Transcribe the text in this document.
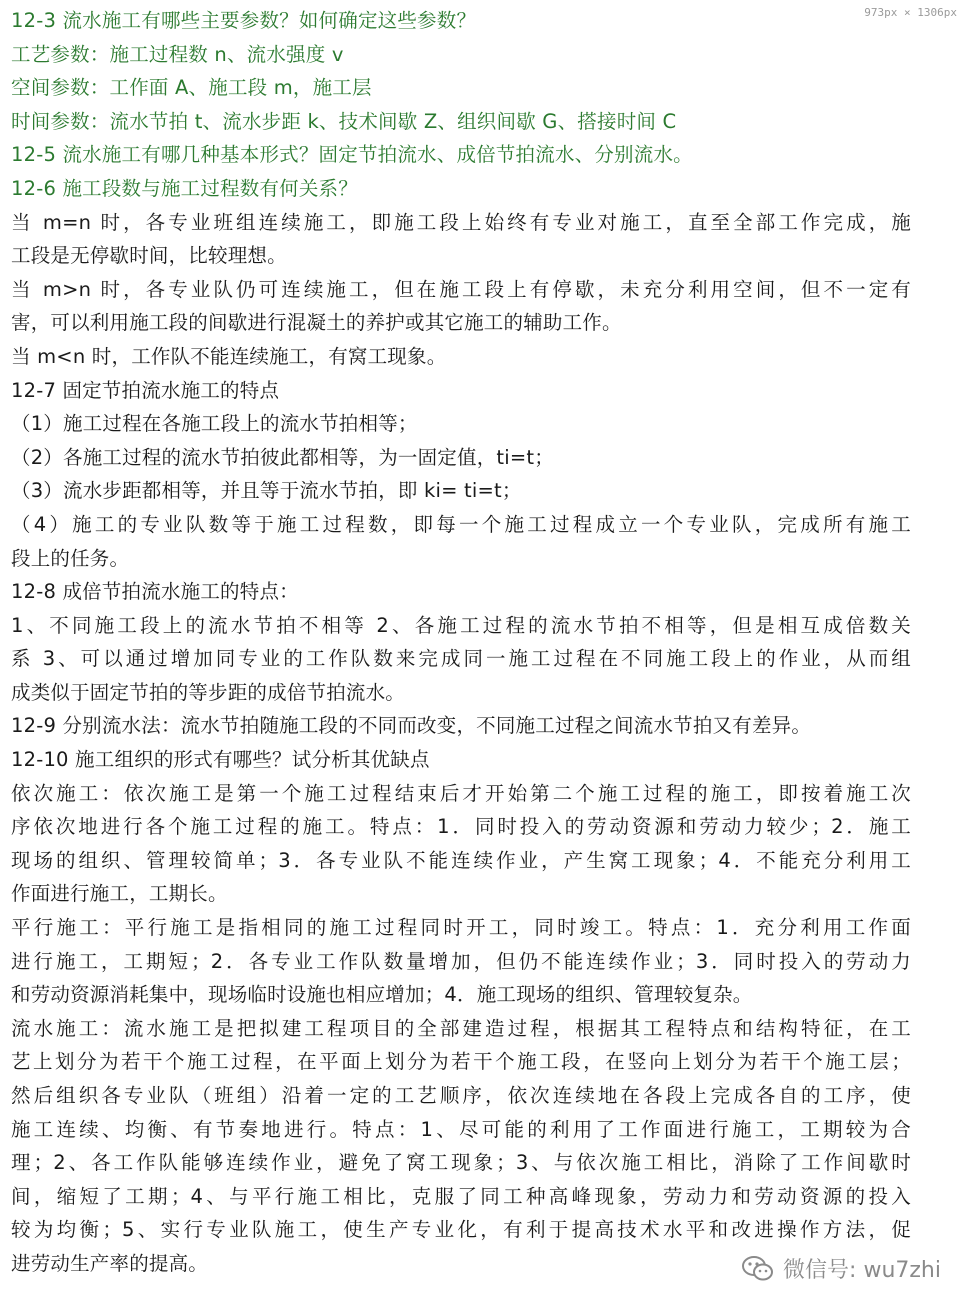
973px × 1306px
12-3 流水施工有哪些主要参数？如何确定这些参数？
工艺参数：施工过程数 n、流水强度 v
空间参数：工作面 A、施工段 m，施工层
时间参数：流水节拍 t、流水步距 k、技术间歇 Z、组织间歇 G、搭接时间 C
12-5 流水施工有哪几种基本形式？固定节拍流水、成倍节拍流水、分别流水。
12-6 施工段数与施工过程数有何关系？
当 m=n 时，各专业班组连续施工，即施工段上始终有专业对施工，直至全部工作完成，施
工段是无停歇时间，比较理想。
当 m>n 时，各专业队仍可连续施工，但在施工段上有停歇，未充分利用空间，但不一定有
害，可以利用施工段的间歇进行混凝土的养护或其它施工的辅助工作。
当 m<n 时，工作队不能连续施工，有窝工现象。
12-7 固定节拍流水施工的特点
（1）施工过程在各施工段上的流水节拍相等；
（2）各施工过程的流水节拍彼此都相等，为一固定值，ti=t；
（3）流水步距都相等，并且等于流水节拍，即 ki= ti=t；
（4）施工的专业队数等于施工过程数，即每一个施工过程成立一个专业队，完成所有施工
段上的任务。
12-8 成倍节拍流水施工的特点：
1、不同施工段上的流水节拍不相等 2、各施工过程的流水节拍不相等，但是相互成倍数关
系 3、可以通过增加同专业的工作队数来完成同一施工过程在不同施工段上的作业，从而组
成类似于固定节拍的等步距的成倍节拍流水。
12-9 分别流水法：流水节拍随施工段的不同而改变，不同施工过程之间流水节拍又有差异。
12-10 施工组织的形式有哪些？试分析其优缺点
依次施工：依次施工是第一个施工过程结束后才开始第二个施工过程的施工，即按着施工次
序依次地进行各个施工过程的施工。特点：1．同时投入的劳动资源和劳动力较少；2．施工
现场的组织、管理较简单；3．各专业队不能连续作业，产生窝工现象；4．不能充分利用工
作面进行施工，工期长。
平行施工：平行施工是指相同的施工过程同时开工，同时竣工。特点：1．充分利用工作面
进行施工，工期短；2．各专业工作队数量增加，但仍不能连续作业；3．同时投入的劳动力
和劳动资源消耗集中，现场临时设施也相应增加；4．施工现场的组织、管理较复杂。
流水施工：流水施工是把拟建工程项目的全部建造过程，根据其工程特点和结构特征，在工
艺上划分为若干个施工过程，在平面上划分为若干个施工段，在竖向上划分为若干个施工层；
然后组织各专业队（班组）沿着一定的工艺顺序，依次连续地在各段上完成各自的工序，使
施工连续、均衡、有节奏地进行。特点：1、尽可能的利用了工作面进行施工，工期较为合
理；2、各工作队能够连续作业，避免了窝工现象；3、与依次施工相比，消除了工作间歇时
间，缩短了工期；4、与平行施工相比，克服了同工种高峰现象，劳动力和劳动资源的投入
较为均衡；5、实行专业队施工，使生产专业化，有利于提高技术水平和改进操作方法，促
进劳动生产率的提高。	微信号: wu7zhi
